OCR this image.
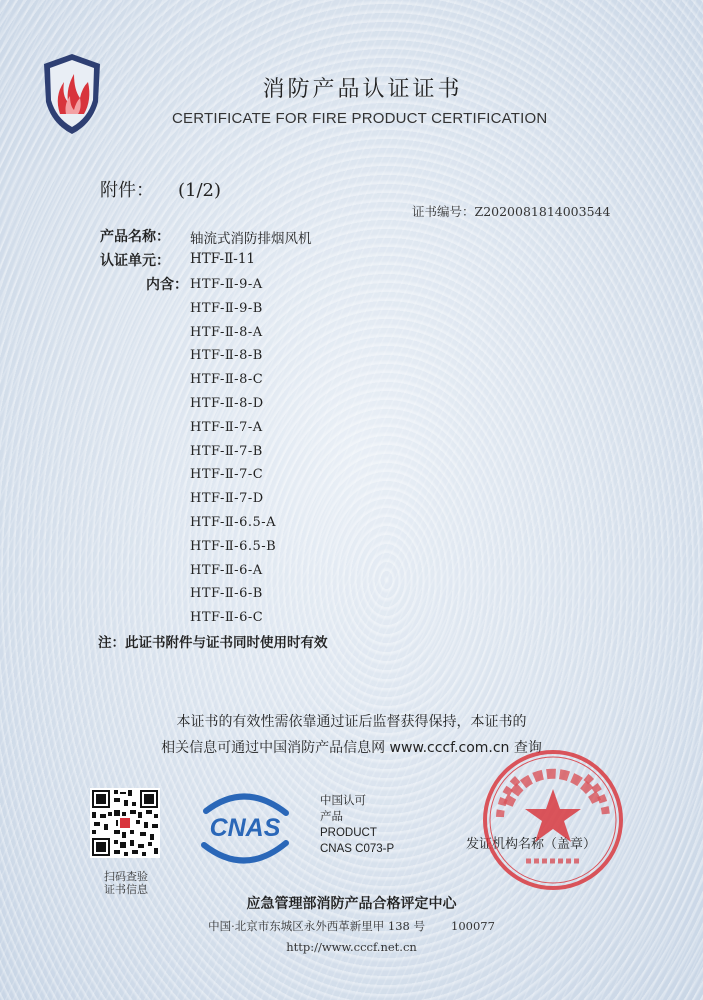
消防产品认证证书
CERTIFICATE FOR FIRE PRODUCT CERTIFICATION
附件： (1/2)
证书编号：Z2020081814003544
产品名称： 轴流式消防排烟风机
认证单元： HTF-Ⅱ-11
内含： HTF-Ⅱ-9-A
HTF-Ⅱ-9-B
HTF-Ⅱ-8-A
HTF-Ⅱ-8-B
HTF-Ⅱ-8-C
HTF-Ⅱ-8-D
HTF-Ⅱ-7-A
HTF-Ⅱ-7-B
HTF-Ⅱ-7-C
HTF-Ⅱ-7-D
HTF-Ⅱ-6.5-A
HTF-Ⅱ-6.5-B
HTF-Ⅱ-6-A
HTF-Ⅱ-6-B
HTF-Ⅱ-6-C
注：此证书附件与证书同时使用时有效
本证书的有效性需依靠通过证后监督获得保持，本证书的
相关信息可通过中国消防产品信息网 www.cccf.com.cn 查询
扫码查验
证书信息
CNAS
中国认可
产品
PRODUCT
CNAS C073-P	发证机构名称（盖章）
应急管理部消防产品合格评定中心
中国·北京市东城区永外西革新里甲 138 号 100077
http://www.cccf.net.cn
